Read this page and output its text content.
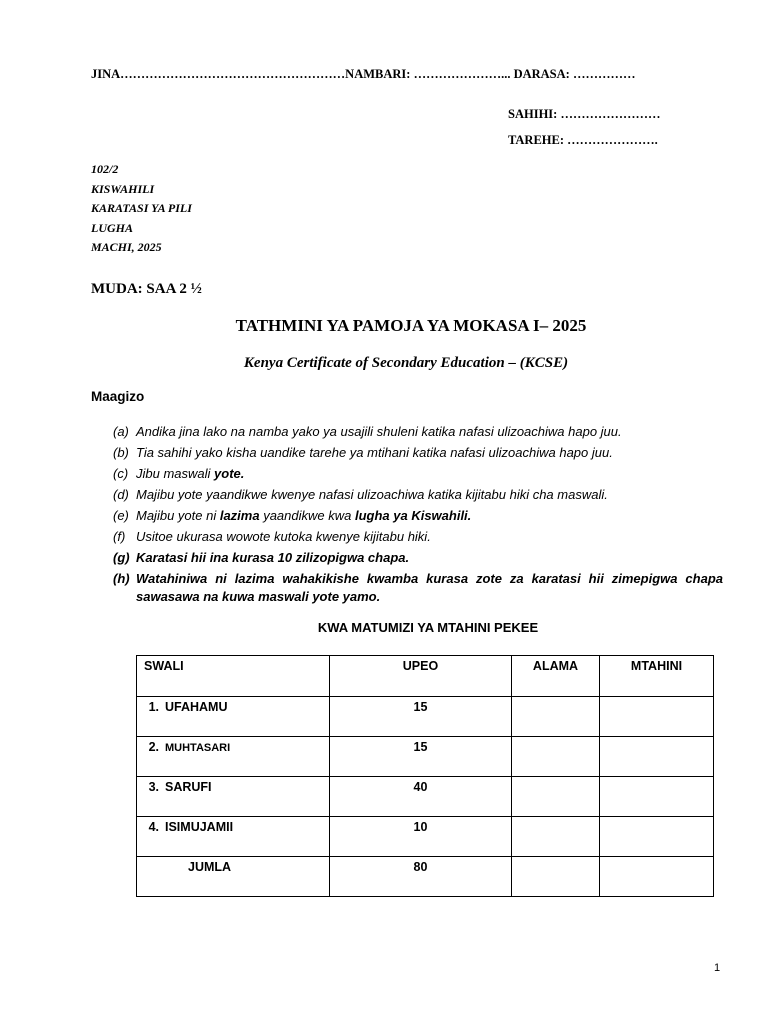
JINA………………………………………………NAMBARI: …………………... DARASA: ……………
SAHIHI: ……………………
TAREHE: ………………….
102/2
KISWAHILI
KARATASI YA PILI
LUGHA
MACHI, 2025
MUDA: SAA 2 ½
TATHMINI YA PAMOJA YA MOKASA I– 2025
Kenya Certificate of Secondary Education – (KCSE)
Maagizo
(a) Andika jina lako na namba yako ya usajili shuleni katika nafasi ulizoachiwa hapo juu.
(b) Tia sahihi yako kisha uandike tarehe ya mtihani katika nafasi ulizoachiwa hapo juu.
(c) Jibu maswali yote.
(d) Majibu yote yaandikwe kwenye nafasi ulizoachiwa katika kijitabu hiki cha maswali.
(e) Majibu yote ni lazima yaandikwe kwa lugha ya Kiswahili.
(f) Usitoe ukurasa wowote kutoka kwenye kijitabu hiki.
(g) Karatasi hii ina kurasa 10 zilizopigwa chapa.
(h) Watahiniwa ni lazima wahakikishe kwamba kurasa zote za karatasi hii zimepigwa chapa sawasawa na kuwa maswali yote yamo.
KWA MATUMIZI YA MTAHINI PEKEE
SWALI	UPEO	ALAMA	MTAHINI

1. UFAHAMU	15		

2. MUHTASARI	15		

3. SARUFI	40		

4. ISIMUJAMII	10		

JUMLA	80		

1
